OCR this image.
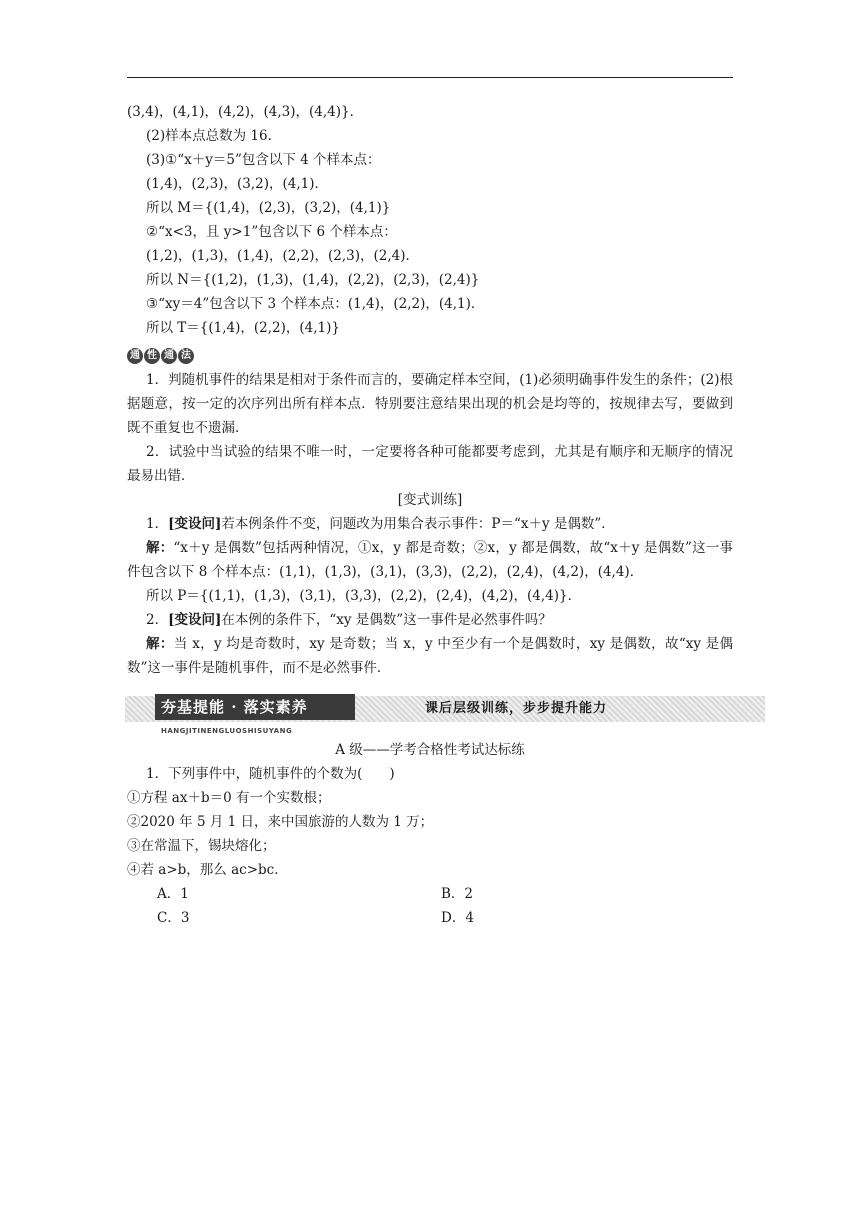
(3,4)，(4,1)，(4,2)，(4,3)，(4,4)}．
(2)样本点总数为 16.
(3)①“x＋y＝5”包含以下 4 个样本点：
(1,4)，(2,3)，(3,2)，(4,1)．
所以 M＝{(1,4)，(2,3)，(3,2)，(4,1)}
②“x<3，且 y>1”包含以下 6 个样本点：
(1,2)，(1,3)，(1,4)，(2,2)，(2,3)，(2,4)．
所以 N＝{(1,2)，(1,3)，(1,4)，(2,2)，(2,3)，(2,4)}
③“xy＝4”包含以下 3 个样本点：(1,4)，(2,2)，(4,1)．
所以 T＝{(1,4)，(2,2)，(4,1)}
通 性 通 法
1．判随机事件的结果是相对于条件而言的，要确定样本空间，(1)必须明确事件发生的条件；(2)根据题意，按一定的次序列出所有样本点．特别要注意结果出现的机会是均等的，按规律去写，要做到既不重复也不遗漏．
2．试验中当试验的结果不唯一时，一定要将各种可能都要考虑到，尤其是有顺序和无顺序的情况最易出错．
[变式训练]
1．[变设问]若本例条件不变，问题改为用集合表示事件：P＝“x＋y 是偶数”．
解：“x＋y 是偶数”包括两种情况，①x，y 都是奇数；②x，y 都是偶数，故“x＋y 是偶数”这一事件包含以下 8 个样本点：(1,1)，(1,3)，(3,1)，(3,3)，(2,2)，(2,4)，(4,2)，(4,4)．
所以 P＝{(1,1)，(1,3)，(3,1)，(3,3)，(2,2)，(2,4)，(4,2)，(4,4)}．
2．[变设问]在本例的条件下，“xy 是偶数”这一事件是必然事件吗？
解：当 x，y 均是奇数时，xy 是奇数；当 x，y 中至少有一个是偶数时，xy 是偶数，故“xy 是偶数”这一事件是随机事件，而不是必然事件．
夯基提能 · 落实素养
HANGJITINENGLUOSHISUYANG
课后层级训练，步步提升能力
A 级——学考合格性考试达标练
1．下列事件中，随机事件的个数为(　　)
①方程 ax＋b＝0 有一个实数根；
②2020 年 5 月 1 日，来中国旅游的人数为 1 万；
③在常温下，锡块熔化；
④若 a>b，那么 ac>bc.
A．1	B．2
C．3	D．4
